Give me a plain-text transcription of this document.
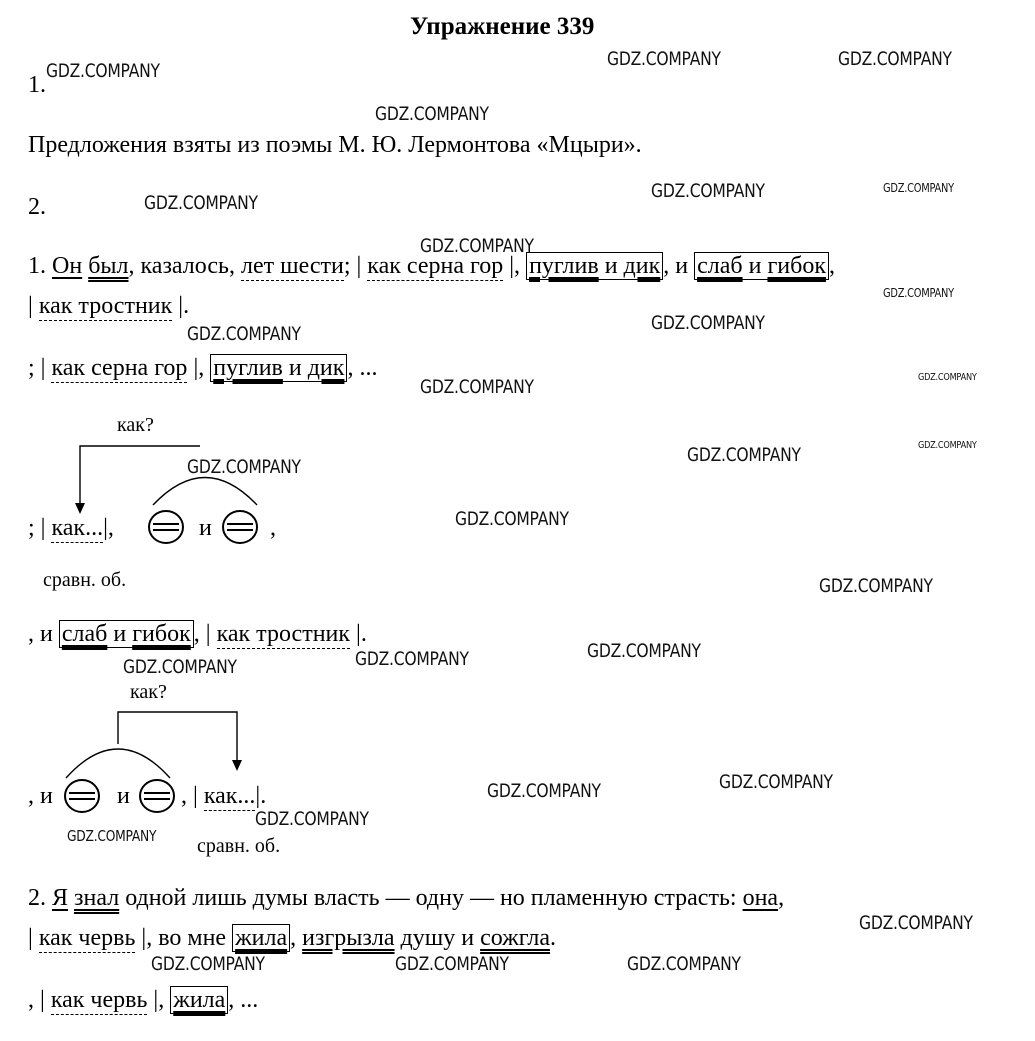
Упражнение 339
1.
Предложения взяты из поэмы М. Ю. Лермонтова «Мцыри».
2.
1. Он был, казалось, лет шести; | как серна гор |, пуглив и дик , и слаб и гибок ,
| как тростник |.
; | как серна гор |, пуглив и дик , ...
как?
; | как...|,	и ,
сравн. об.
, и слаб и гибок , | как тростник |.
как?
, и	и , | как...|.
сравн. об.
2. Я знал одной лишь думы власть — одну — но пламенную страсть: она,
| как червь |, во мне жила , изгрызла душу и сожгла.
, | как червь |, жила , ...
GDZ.COMPANY
GDZ.COMPANY	GDZ.COMPANY
GDZ.COMPANY
GDZ.COMPANY
GDZ.COMPANY	GDZ.COMPANY
GDZ.COMPANY
GDZ.COMPANY
GDZ.COMPANY	GDZ.COMPANY
GDZ.COMPANY	GDZ.COMPANY
GDZ.COMPANY
GDZ.COMPANY
GDZ.COMPANY
GDZ.COMPANY
GDZ.COMPANY
GDZ.COMPANY
GDZ.COMPANY
GDZ.COMPANY
GDZ.COMPANY
GDZ.COMPANY
GDZ.COMPANY
GDZ.COMPANY
GDZ.COMPANY
GDZ.COMPANY	GDZ.COMPANY	GDZ.COMPANY
